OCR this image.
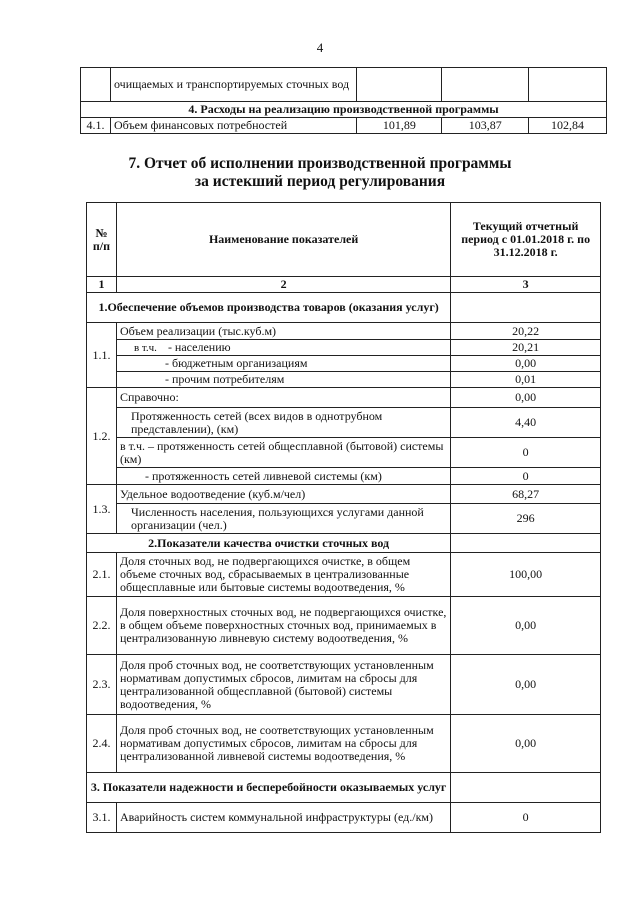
4
	очищаемых и транспортируемых сточных вод			
4. Расходы на реализацию производственной программы				
4.1.	Объем финансовых потребностей	101,89	103,87	102,84
7. Отчет об исполнении производственной программы
за истекший период регулирования
№ п/п	Наименование показателей	Текущий отчетный период с 01.01.2018 г. по 31.12.2018 г.
1	2	3
1.Обеспечение объемов производства товаров (оказания услуг)		
1.1.	Объем реализации (тыс.куб.м)	20,22
	в т.ч. - населению	20,21
	- бюджетным организациям	0,00
	- прочим потребителям	0,01
1.2.	Справочно:	0,00
	Протяженность сетей (всех видов в однотрубном представлении), (км)	4,40
	в т.ч. – протяженность сетей общесплавной (бытовой) системы (км)	0
	- протяженность сетей ливневой системы (км)	0
1.3.	Удельное водоотведение (куб.м/чел)	68,27
	Численность населения, пользующихся услугами данной организации (чел.)	296
2.Показатели качества очистки сточных вод		
2.1.	Доля сточных вод, не подвергающихся очистке, в общем объеме сточных вод, сбрасываемых в централизованные общесплавные или бытовые системы водоотведения, %	100,00
2.2.	Доля поверхностных сточных вод, не подвергающихся очистке, в общем объеме поверхностных сточных вод, принимаемых в централизованную ливневую систему водоотведения, %	0,00
2.3.	Доля проб сточных вод, не соответствующих установленным нормативам допустимых сбросов, лимитам на сбросы для централизованной общесплавной (бытовой) системы водоотведения, %	0,00
2.4.	Доля проб сточных вод, не соответствующих установленным нормативам допустимых сбросов, лимитам на сбросы для централизованной ливневой системы водоотведения, %	0,00
3. Показатели надежности и бесперебойности оказываемых услуг		
3.1.	Аварийность систем коммунальной инфраструктуры (ед./км)	0
